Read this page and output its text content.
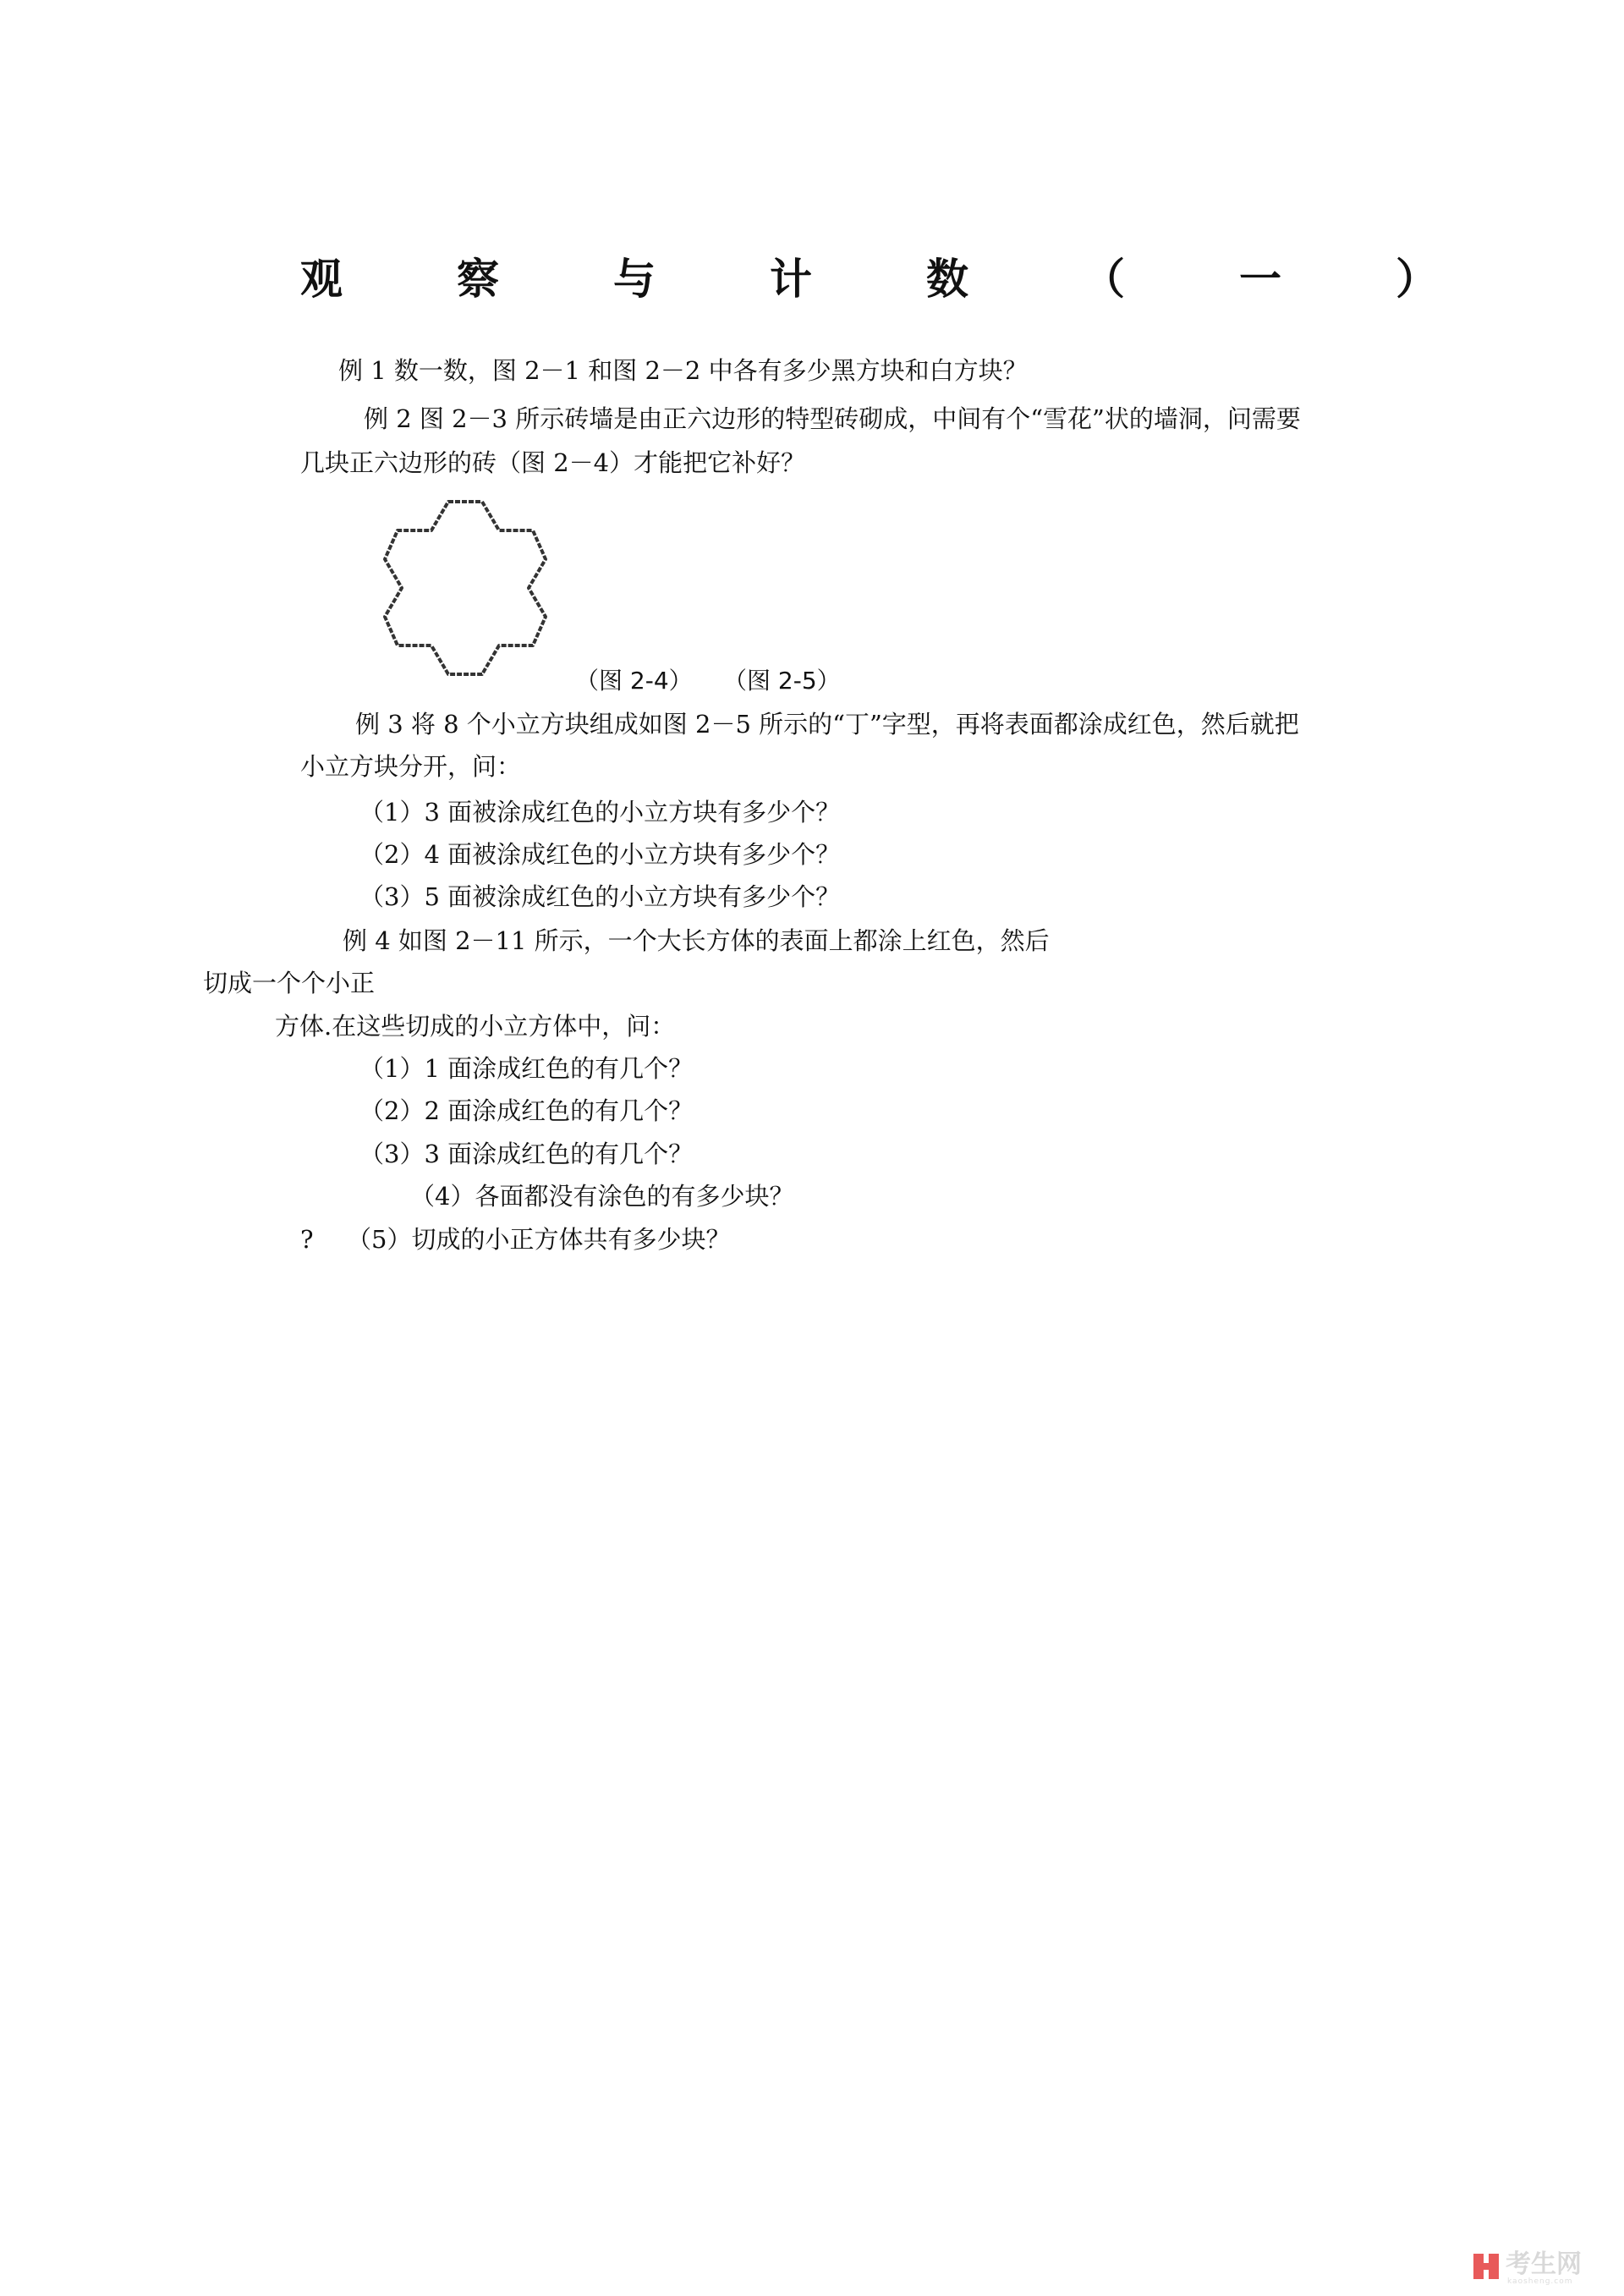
观	察	与	计	数	（	一	）
例 1 数一数，图 2－1 和图 2－2 中各有多少黑方块和白方块？
例 2 图 2－3 所示砖墙是由正六边形的特型砖砌成，中间有个“雪花”状的墙洞，问需要
几块正六边形的砖（图 2－4）才能把它补好？
（图 2-4） （图 2-5）
例 3 将 8 个小立方块组成如图 2－5 所示的“丁”字型，再将表面都涂成红色，然后就把
小立方块分开，问：
（1）3 面被涂成红色的小立方块有多少个？
（2）4 面被涂成红色的小立方块有多少个？
（3）5 面被涂成红色的小立方块有多少个？
例 4 如图 2－11 所示，一个大长方体的表面上都涂上红色，然后
切成一个个小正
方体.在这些切成的小立方体中，问：
（1）1 面涂成红色的有几个？
（2）2 面涂成红色的有几个？
（3）3 面涂成红色的有几个？
（4）各面都没有涂色的有多少块？
? （5）切成的小正方体共有多少块？
考生网
kaosheng.com
